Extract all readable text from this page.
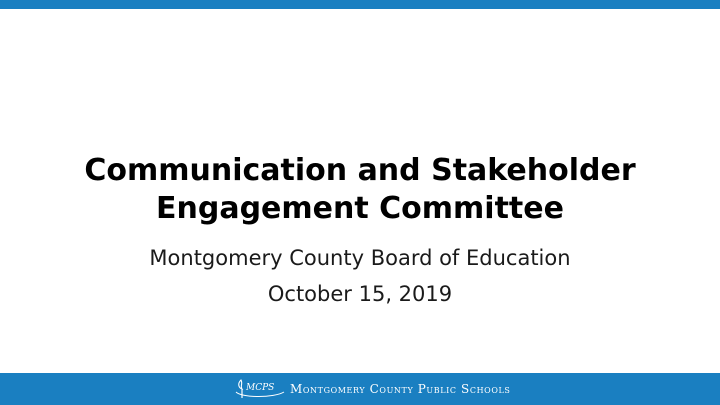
Communication and Stakeholder
Engagement Committee
Montgomery County Board of Education
October 15, 2019
MCPS Montgomery County Public Schools
